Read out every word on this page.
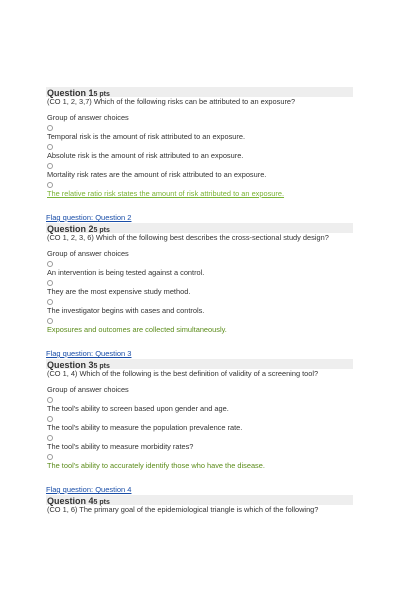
Question 15 pts
(CO 1, 2, 3,7) Which of the following risks can be attributed to an exposure?
Group of answer choices
Temporal risk is the amount of risk attributed to an exposure.
Absolute risk is the amount of risk attributed to an exposure.
Mortality risk rates are the amount of risk attributed to an exposure.
The relative ratio risk states the amount of risk attributed to an exposure.
Flag question: Question 2
Question 25 pts
(CO 1, 2, 3, 6) Which of the following best describes the cross-sectional study design?
Group of answer choices
An intervention is being tested against a control.
They are the most expensive study method.
The investigator begins with cases and controls.
Exposures and outcomes are collected simultaneously.
Flag question: Question 3
Question 35 pts
(CO 1, 4) Which of the following is the best definition of validity of a screening tool?
Group of answer choices
The tool's ability to screen based upon gender and age.
The tool's ability to measure the population prevalence rate.
The tool's ability to measure morbidity rates?
The tool's ability to accurately identify those who have the disease.
Flag question: Question 4
Question 45 pts
(CO 1, 6) The primary goal of the epidemiological triangle is which of the following?
